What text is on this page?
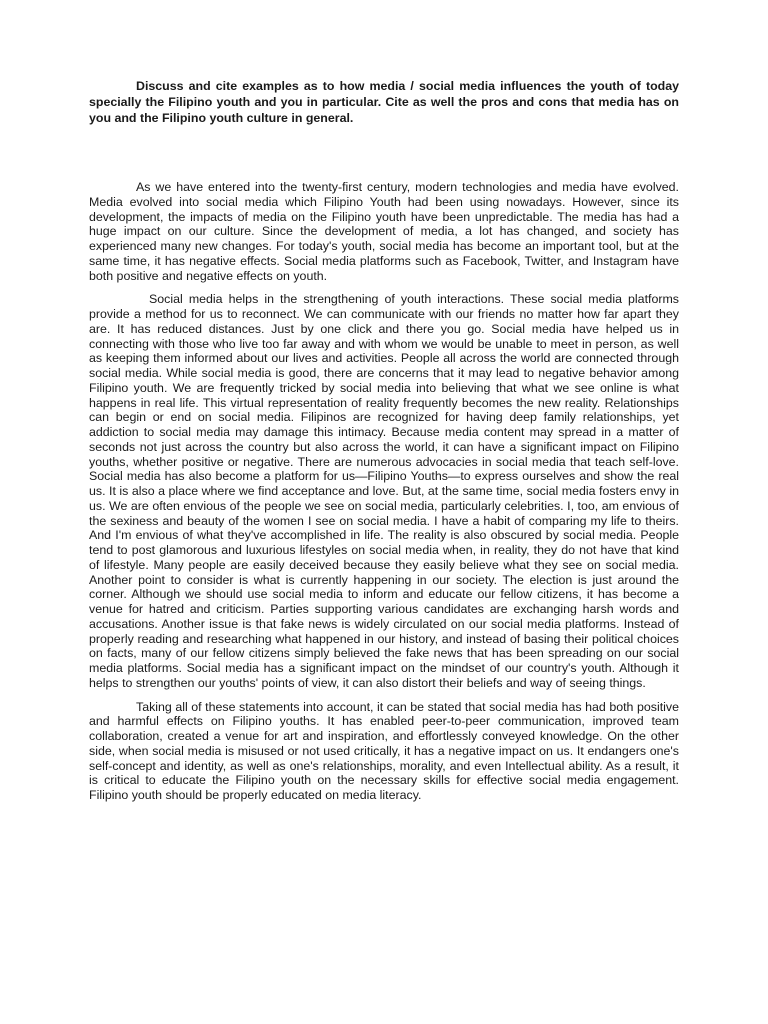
Discuss and cite examples as to how media / social media influences the youth of today specially the Filipino youth and you in particular. Cite as well the pros and cons that media has on you and the Filipino youth culture in general.

As we have entered into the twenty-first century, modern technologies and media have evolved. Media evolved into social media which Filipino Youth had been using nowadays. However, since its development, the impacts of media on the Filipino youth have been unpredictable. The media has had a huge impact on our culture. Since the development of media, a lot has changed, and society has experienced many new changes. For today's youth, social media has become an important tool, but at the same time, it has negative effects. Social media platforms such as Facebook, Twitter, and Instagram have both positive and negative effects on youth.

Social media helps in the strengthening of youth interactions. These social media platforms provide a method for us to reconnect. We can communicate with our friends no matter how far apart they are. It has reduced distances. Just by one click and there you go. Social media have helped us in connecting with those who live too far away and with whom we would be unable to meet in person, as well as keeping them informed about our lives and activities. People all across the world are connected through social media. While social media is good, there are concerns that it may lead to negative behavior among Filipino youth. We are frequently tricked by social media into believing that what we see online is what happens in real life. This virtual representation of reality frequently becomes the new reality. Relationships can begin or end on social media. Filipinos are recognized for having deep family relationships, yet addiction to social media may damage this intimacy. Because media content may spread in a matter of seconds not just across the country but also across the world, it can have a significant impact on Filipino youths, whether positive or negative. There are numerous advocacies in social media that teach self-love. Social media has also become a platform for us—Filipino Youths—to express ourselves and show the real us. It is also a place where we find acceptance and love. But, at the same time, social media fosters envy in us. We are often envious of the people we see on social media, particularly celebrities. I, too, am envious of the sexiness and beauty of the women I see on social media. I have a habit of comparing my life to theirs. And I'm envious of what they've accomplished in life. The reality is also obscured by social media. People tend to post glamorous and luxurious lifestyles on social media when, in reality, they do not have that kind of lifestyle. Many people are easily deceived because they easily believe what they see on social media. Another point to consider is what is currently happening in our society. The election is just around the corner. Although we should use social media to inform and educate our fellow citizens, it has become a venue for hatred and criticism. Parties supporting various candidates are exchanging harsh words and accusations. Another issue is that fake news is widely circulated on our social media platforms. Instead of properly reading and researching what happened in our history, and instead of basing their political choices on facts, many of our fellow citizens simply believed the fake news that has been spreading on our social media platforms. Social media has a significant impact on the mindset of our country's youth. Although it helps to strengthen our youths' points of view, it can also distort their beliefs and way of seeing things.

Taking all of these statements into account, it can be stated that social media has had both positive and harmful effects on Filipino youths. It has enabled peer-to-peer communication, improved team collaboration, created a venue for art and inspiration, and effortlessly conveyed knowledge. On the other side, when social media is misused or not used critically, it has a negative impact on us. It endangers one's self-concept and identity, as well as one's relationships, morality, and even Intellectual ability. As a result, it is critical to educate the Filipino youth on the necessary skills for effective social media engagement. Filipino youth should be properly educated on media literacy.
